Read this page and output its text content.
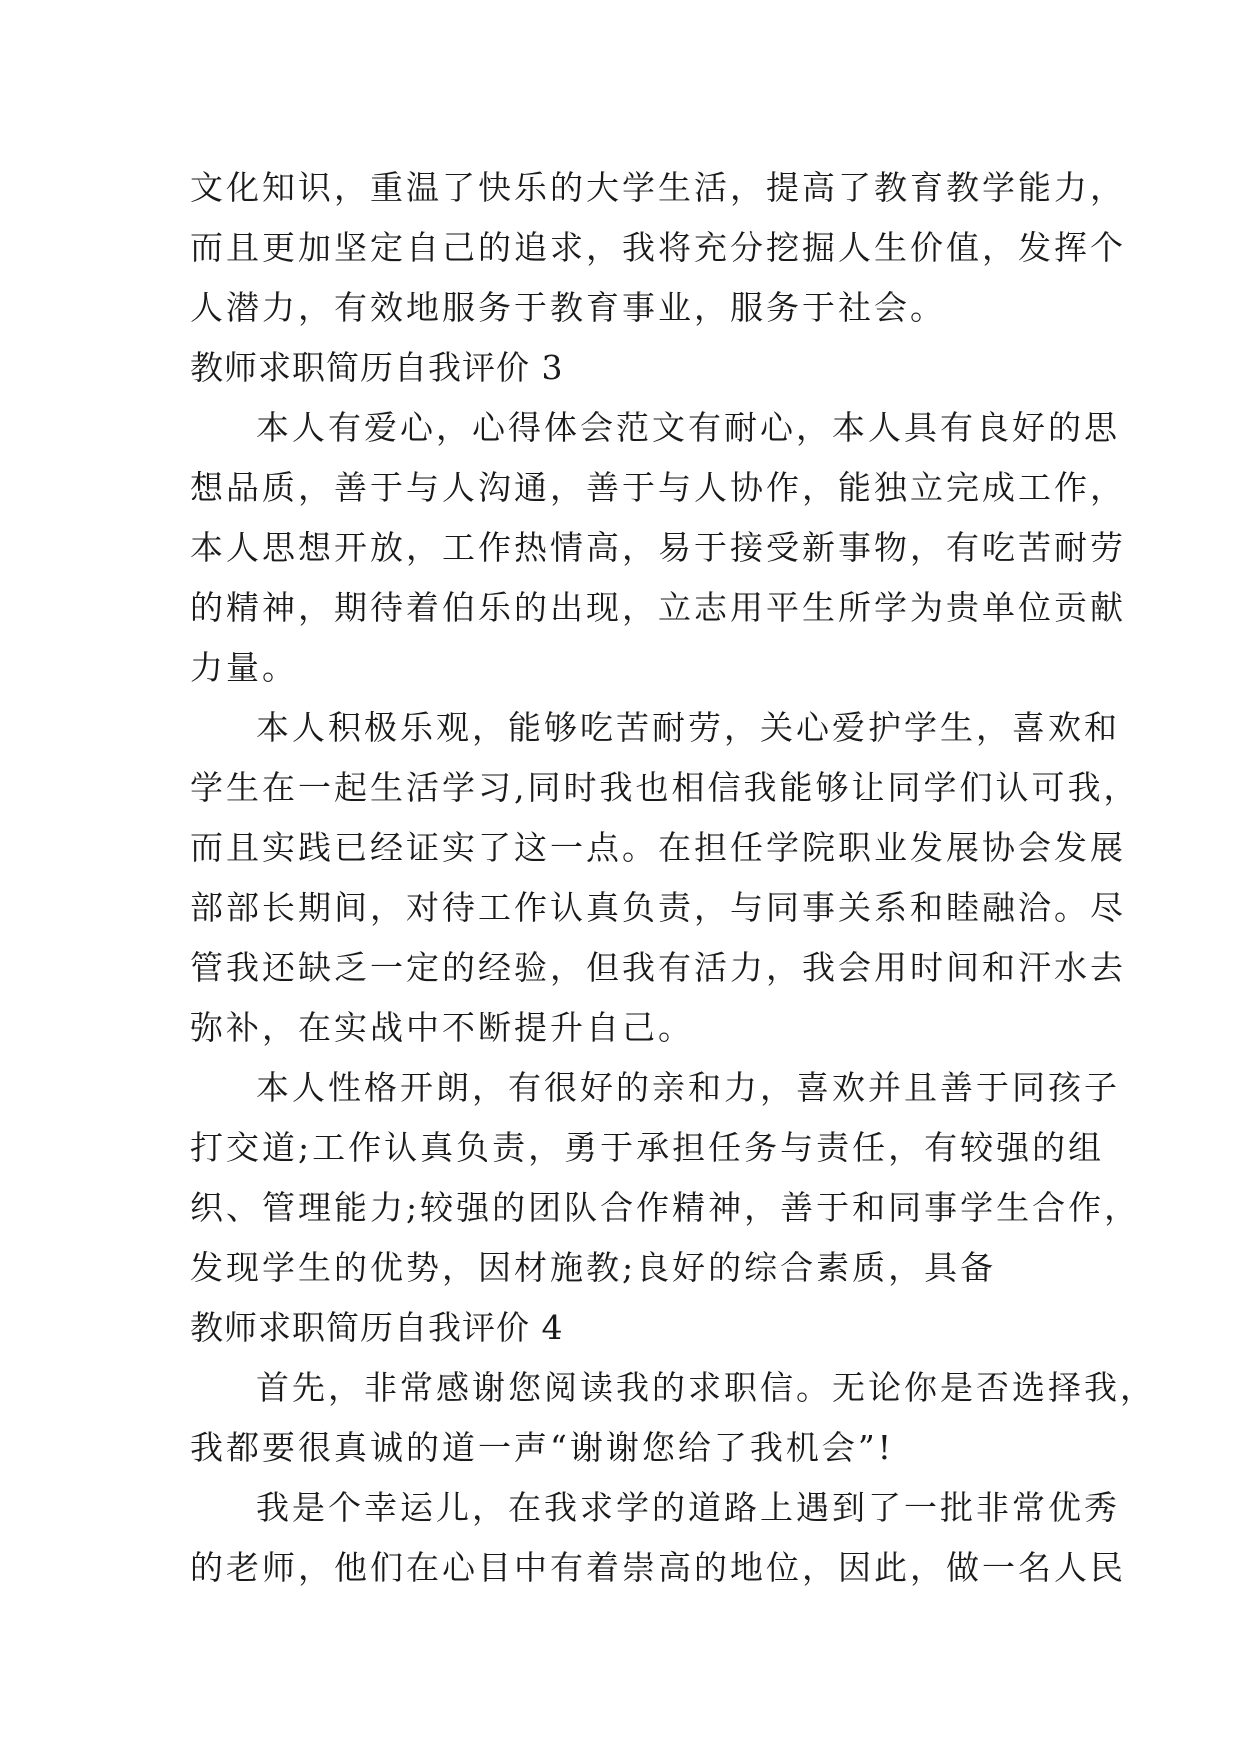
文化知识，重温了快乐的大学生活，提高了教育教学能力，
而且更加坚定自己的追求，我将充分挖掘人生价值，发挥个
人潜力，有效地服务于教育事业，服务于社会。
教师求职简历自我评价 3
本人有爱心，心得体会范文有耐心，本人具有良好的思
想品质，善于与人沟通，善于与人协作，能独立完成工作，
本人思想开放，工作热情高，易于接受新事物，有吃苦耐劳
的精神，期待着伯乐的出现，立志用平生所学为贵单位贡献
力量。
本人积极乐观，能够吃苦耐劳，关心爱护学生，喜欢和
学生在一起生活学习,同时我也相信我能够让同学们认可我，
而且实践已经证实了这一点。在担任学院职业发展协会发展
部部长期间，对待工作认真负责，与同事关系和睦融洽。尽
管我还缺乏一定的经验，但我有活力，我会用时间和汗水去
弥补，在实战中不断提升自己。
本人性格开朗，有很好的亲和力，喜欢并且善于同孩子
打交道;工作认真负责，勇于承担任务与责任，有较强的组
织、管理能力;较强的团队合作精神，善于和同事学生合作，
发现学生的优势，因材施教;良好的综合素质，具备
教师求职简历自我评价 4
首先，非常感谢您阅读我的求职信。无论你是否选择我，
我都要很真诚的道一声“谢谢您给了我机会”!
我是个幸运儿，在我求学的道路上遇到了一批非常优秀
的老师，他们在心目中有着崇高的地位，因此，做一名人民
